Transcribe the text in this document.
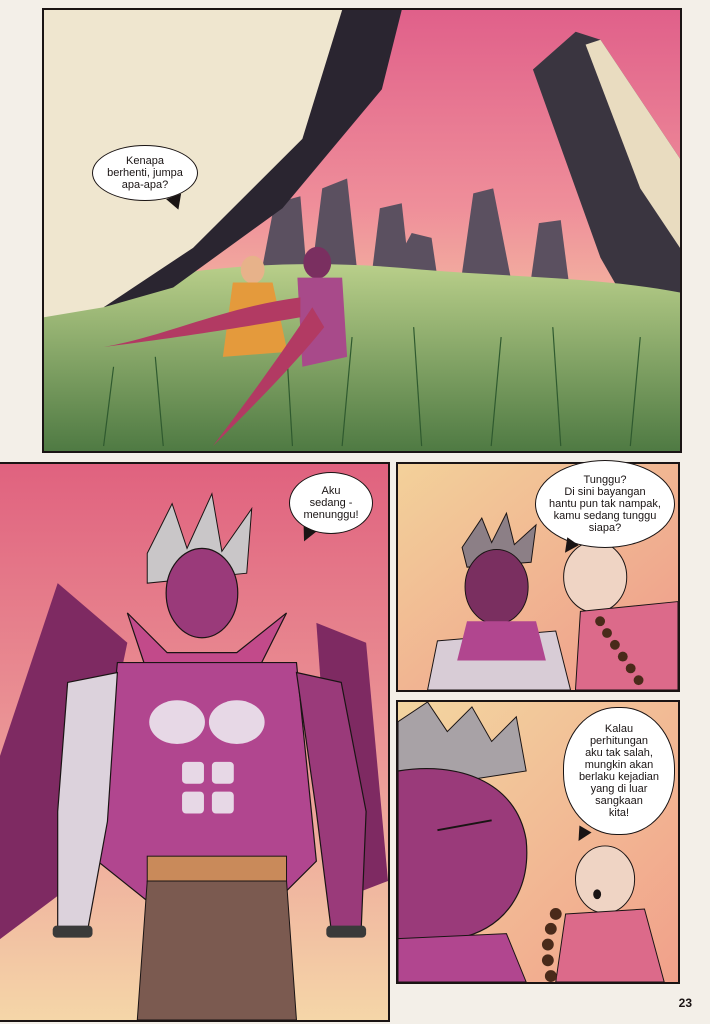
Kenapa
berhenti, jumpa
apa-apa?
Aku
sedang -
menunggu!
Tunggu?
Di sini bayangan
hantu pun tak nampak,
kamu sedang tunggu
siapa?
Kalau
perhitungan
aku tak salah,
mungkin akan
berlaku kejadian
yang di luar
sangkaan
kita!
23
